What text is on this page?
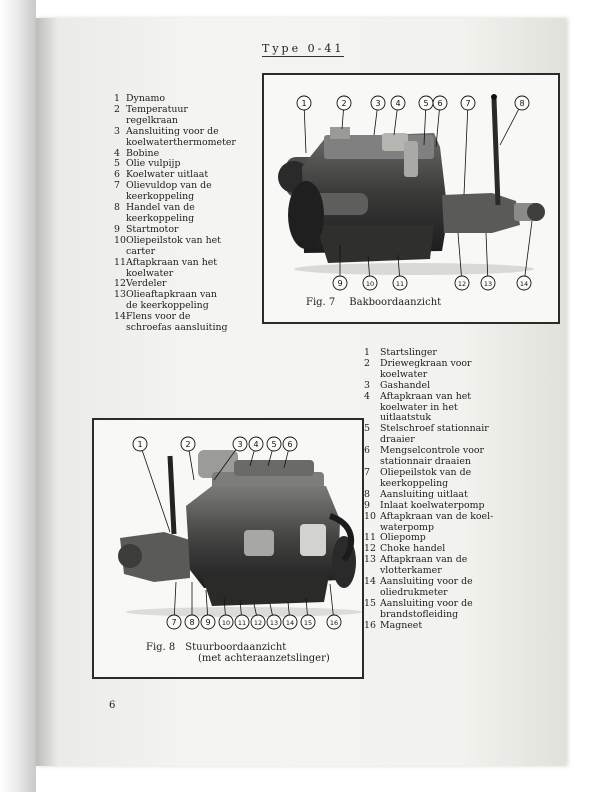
Type 0-41
1 Dynamo
2 Temperatuur
regelkraan
3 Aansluiting voor de
koelwaterthermometer
4 Bobine
5 Olie vulpijp
6 Koelwater uitlaat
7 Olievuldop van de
keerkoppeling
8 Handel van de
keerkoppeling
9 Startmotor
10 Oliepeilstok van het
carter
11 Aftapkraan van het
koelwater
12 Verdeler
13 Olieaftapkraan van
de keerkoppeling
14 Flens voor de
schroefas aansluiting
1	2	3 4	5 6	7	8
9	10	11	12	13	14
Fig. 7 Bakboordaanzicht
1	Startslinger
2	Driewegkraan voor
koelwater
3	Gashandel
4	Aftapkraan van het
koelwater in het
uitlaatstuk
5	Stelschroef stationnair
draaier
6	Mengselcontrole voor
stationnair draaien
7	Oliepeilstok van de
keerkoppeling
8	Aansluiting uitlaat
9	Inlaat koelwaterpomp
10 Aftapkraan van de koel-
waterpomp
11 Oliepomp
12 Choke handel
13 Aftapkraan van de
vlotterkamer
14 Aansluiting voor de
oliedrukmeter
15 Aansluiting voor de
brandstofleiding
16 Magneet
1	2	3 4 5 6
7 8 9 10 11 12 13 14 15	16
Fig. 8 Stuurboordaanzicht
(met achteraanzetslinger)
6
